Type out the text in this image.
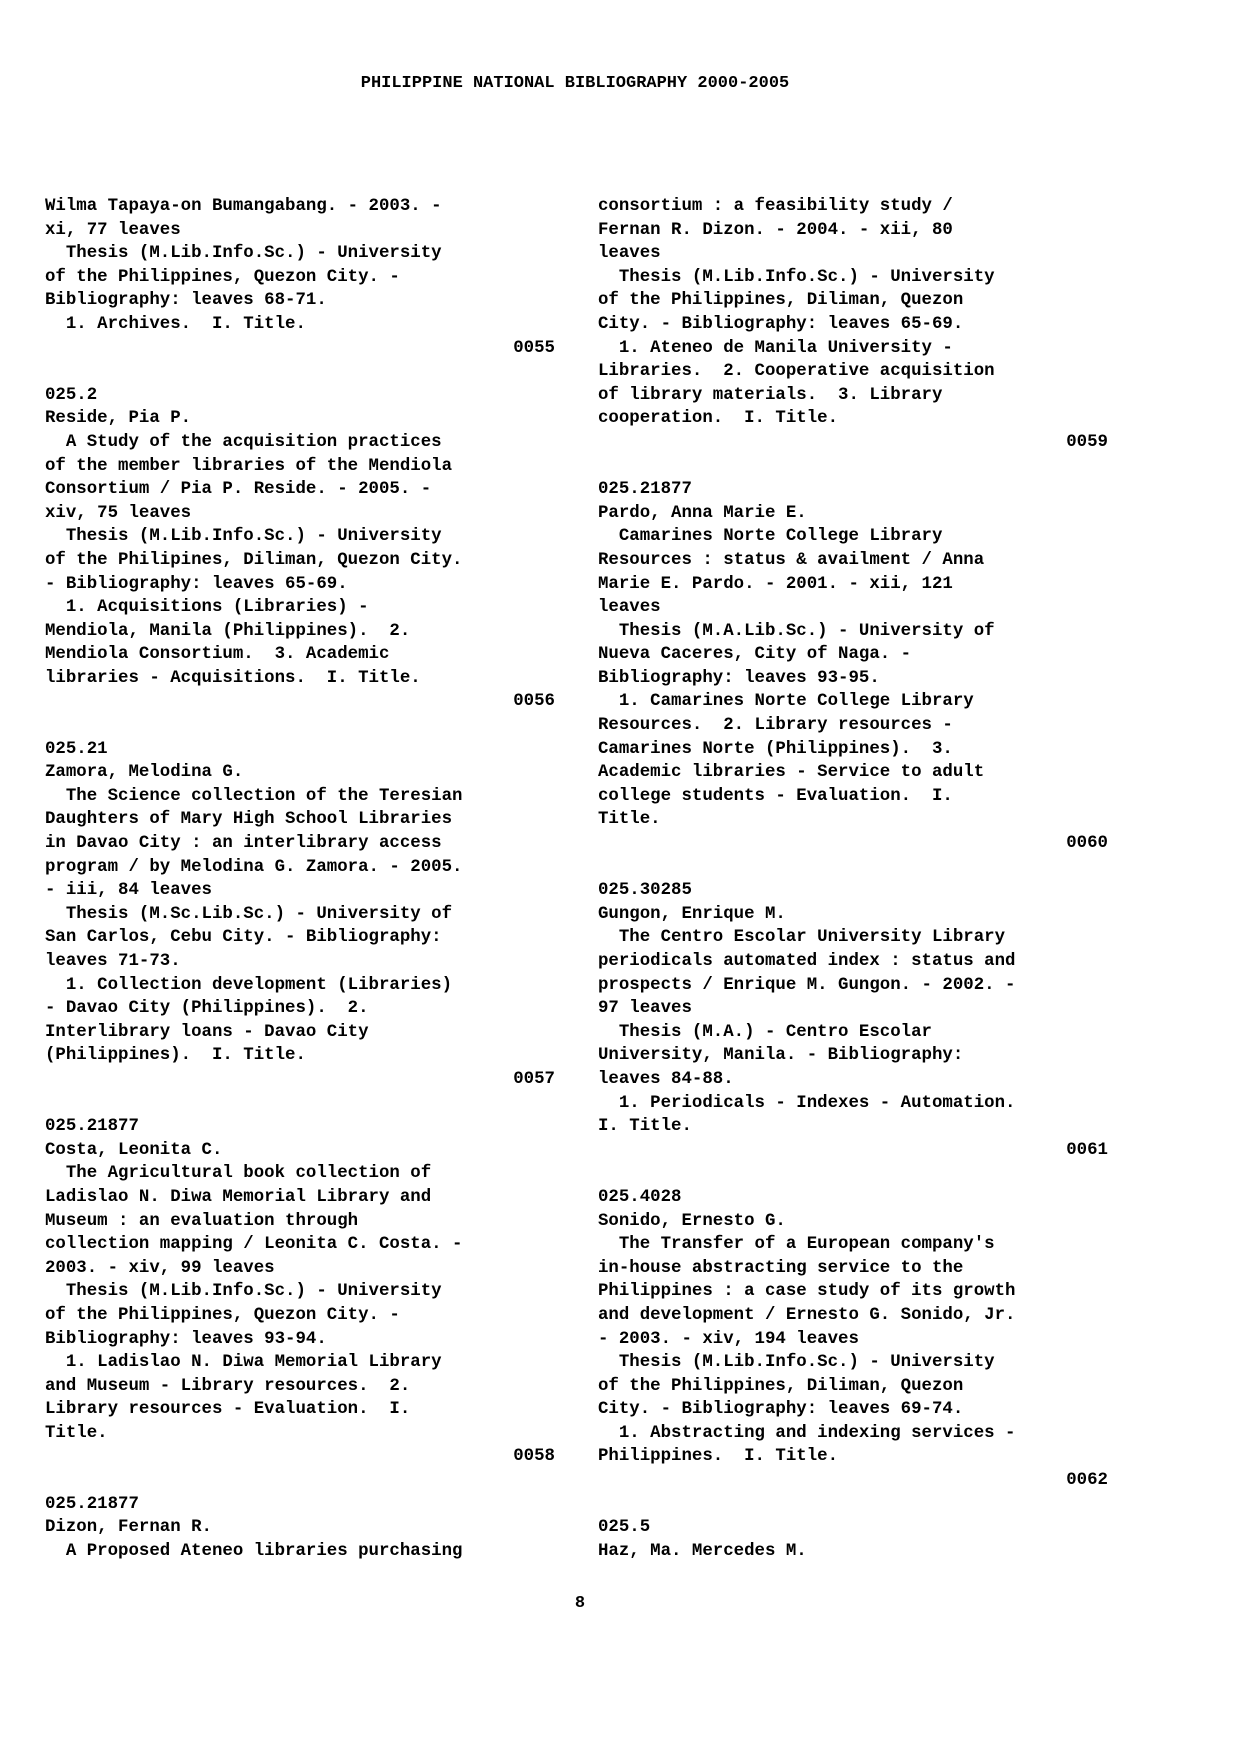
PHILIPPINE NATIONAL BIBLIOGRAPHY 2000-2005
Wilma Tapaya-on Bumangabang. - 2003. -
xi, 77 leaves
Thesis (M.Lib.Info.Sc.) - University
of the Philippines, Quezon City. -
Bibliography: leaves 68-71.
1. Archives.  I. Title.
0055
025.2
Reside, Pia P.
A Study of the acquisition practices
of the member libraries of the Mendiola
Consortium / Pia P. Reside. - 2005. -
xiv, 75 leaves
Thesis (M.Lib.Info.Sc.) - University
of the Philipines, Diliman, Quezon City.
- Bibliography: leaves 65-69.
1. Acquisitions (Libraries) -
Mendiola, Manila (Philippines).  2.
Mendiola Consortium.  3. Academic
libraries - Acquisitions.  I. Title.
0056
025.21
Zamora, Melodina G.
The Science collection of the Teresian
Daughters of Mary High School Libraries
in Davao City : an interlibrary access
program / by Melodina G. Zamora. - 2005.
- iii, 84 leaves
Thesis (M.Sc.Lib.Sc.) - University of
San Carlos, Cebu City. - Bibliography:
leaves 71-73.
1. Collection development (Libraries)
- Davao City (Philippines).  2.
Interlibrary loans - Davao City
(Philippines).  I. Title.
0057
025.21877
Costa, Leonita C.
The Agricultural book collection of
Ladislao N. Diwa Memorial Library and
Museum : an evaluation through
collection mapping / Leonita C. Costa. -
2003. - xiv, 99 leaves
Thesis (M.Lib.Info.Sc.) - University
of the Philippines, Quezon City. -
Bibliography: leaves 93-94.
1. Ladislao N. Diwa Memorial Library
and Museum - Library resources.  2.
Library resources - Evaluation.  I.
Title.
0058
025.21877
Dizon, Fernan R.
A Proposed Ateneo libraries purchasing
consortium : a feasibility study /
Fernan R. Dizon. - 2004. - xii, 80
leaves
Thesis (M.Lib.Info.Sc.) - University
of the Philippines, Diliman, Quezon
City. - Bibliography: leaves 65-69.
1. Ateneo de Manila University -
Libraries.  2. Cooperative acquisition
of library materials.  3. Library
cooperation.  I. Title.
0059
025.21877
Pardo, Anna Marie E.
Camarines Norte College Library
Resources : status & availment / Anna
Marie E. Pardo. - 2001. - xii, 121
leaves
Thesis (M.A.Lib.Sc.) - University of
Nueva Caceres, City of Naga. -
Bibliography: leaves 93-95.
1. Camarines Norte College Library
Resources.  2. Library resources -
Camarines Norte (Philippines).  3.
Academic libraries - Service to adult
college students - Evaluation.  I.
Title.
0060
025.30285
Gungon, Enrique M.
The Centro Escolar University Library
periodicals automated index : status and
prospects / Enrique M. Gungon. - 2002. -
97 leaves
Thesis (M.A.) - Centro Escolar
University, Manila. - Bibliography:
leaves 84-88.
1. Periodicals - Indexes - Automation.
I. Title.
0061
025.4028
Sonido, Ernesto G.
The Transfer of a European company's
in-house abstracting service to the
Philippines : a case study of its growth
and development / Ernesto G. Sonido, Jr.
- 2003. - xiv, 194 leaves
Thesis (M.Lib.Info.Sc.) - University
of the Philippines, Diliman, Quezon
City. - Bibliography: leaves 69-74.
1. Abstracting and indexing services -
Philippines.  I. Title.
0062
025.5
Haz, Ma. Mercedes M.
8
